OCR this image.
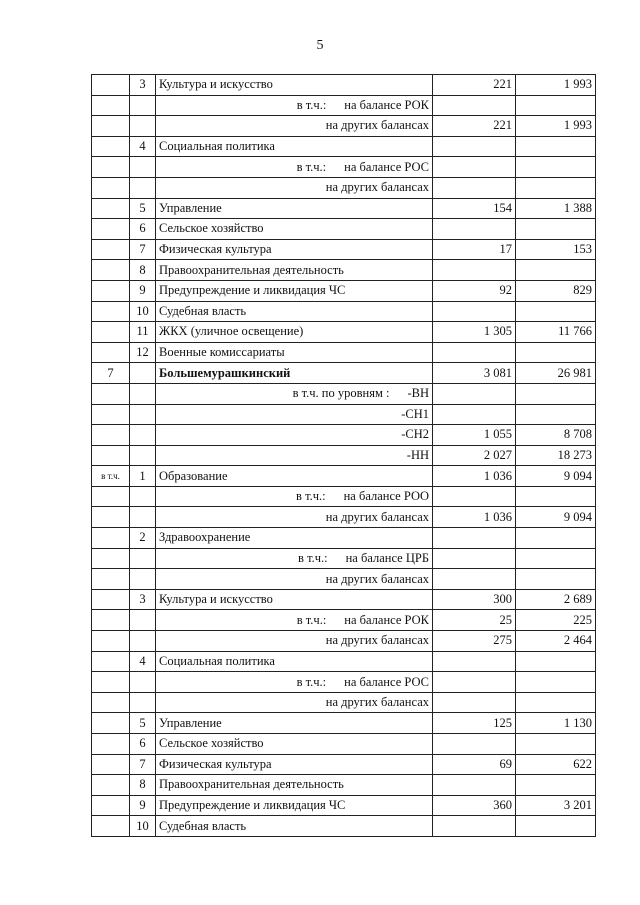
5
	3	Культура и искусство	221	1 993
		в т.ч.: на балансе РОК		
		на других балансах	221	1 993
	4	Социальная политика		
		в т.ч.: на балансе РОС		
		на других балансах		
	5	Управление	154	1 388
	6	Сельское хозяйство		
	7	Физическая культура	17	153
	8	Правоохранительная деятельность		
	9	Предупреждение и ликвидация ЧС	92	829
	10	Судебная власть		
	11	ЖКХ (уличное освещение)	1 305	11 766
	12	Военные комиссариаты		
7		Большемурашкинский	3 081	26 981
		в т.ч. по уровням : -ВН		
		-СН1		
		-СН2	1 055	8 708
		-НН	2 027	18 273
в т.ч.	1	Образование	1 036	9 094
		в т.ч.: на балансе РОО		
		на других балансах	1 036	9 094
	2	Здравоохранение		
		в т.ч.: на балансе ЦРБ		
		на других балансах		
	3	Культура и искусство	300	2 689
		в т.ч.: на балансе РОК	25	225
		на других балансах	275	2 464
	4	Социальная политика		
		в т.ч.: на балансе РОС		
		на других балансах		
	5	Управление	125	1 130
	6	Сельское хозяйство		
	7	Физическая культура	69	622
	8	Правоохранительная деятельность		
	9	Предупреждение и ликвидация ЧС	360	3 201
	10	Судебная власть		
